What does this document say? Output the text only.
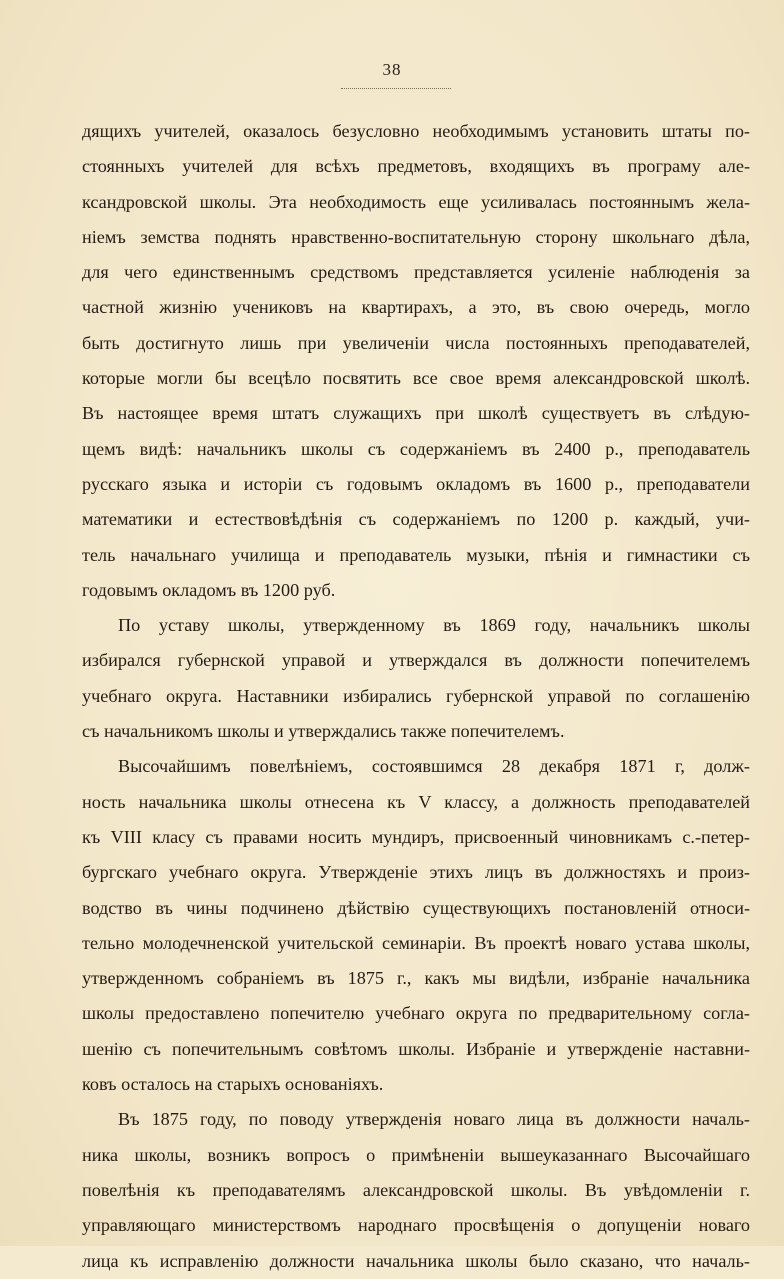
38
дящихъ учителей, оказалось безусловно необходимымъ установить штаты по-
стоянныхъ учителей для всѣхъ предметовъ, входящихъ въ програму але-
ксандровской школы. Эта необходимость еще усиливалась постояннымъ жела-
ніемъ земства поднять нравственно-воспитательную сторону школьнаго дѣла,
для чего единственнымъ средствомъ представляется усиленіе наблюденія за
частной жизнію учениковъ на квартирахъ, а это, въ свою очередь, могло
быть достигнуто лишь при увеличеніи числа постоянныхъ преподавателей,
которые могли бы всецѣло посвятить все свое время александровской школѣ.
Въ настоящее время штатъ служащихъ при школѣ существуетъ въ слѣдую-
щемъ видѣ: начальникъ школы съ содержаніемъ въ 2400 р., преподаватель
русскаго языка и исторіи съ годовымъ окладомъ въ 1600 р., преподаватели
математики и естествовѣдѣнія съ содержаніемъ по 1200 р. каждый, учи-
тель начальнаго училища и преподаватель музыки, пѣнія и гимнастики съ
годовымъ окладомъ въ 1200 руб.
По уставу школы, утвержденному въ 1869 году, начальникъ школы
избирался губернской управой и утверждался въ должности попечителемъ
учебнаго округа. Наставники избирались губернской управой по соглашенію
съ начальникомъ школы и утверждались также попечителемъ.
Высочайшимъ повелѣніемъ, состоявшимся 28 декабря 1871 г, долж-
ность начальника школы отнесена къ V классу, а должность преподавателей
къ VIII класу съ правами носить мундиръ, присвоенный чиновникамъ с.-петер-
бургскаго учебнаго округа. Утвержденіе этихъ лицъ въ должностяхъ и произ-
водство въ чины подчинено дѣйствію существующихъ постановленій относи-
тельно молодечненской учительской семинаріи. Въ проектѣ новаго устава школы,
утвержденномъ собраніемъ въ 1875 г., какъ мы видѣли, избраніе начальника
школы предоставлено попечителю учебнаго округа по предварительному согла-
шенію съ попечительнымъ совѣтомъ школы. Избраніе и утвержденіе наставни-
ковъ осталось на старыхъ основаніяхъ.
Въ 1875 году, по поводу утвержденія новаго лица въ должности началь-
ника школы, возникъ вопросъ о примѣненіи вышеуказаннаго Высочайшаго
повелѣнія къ преподавателямъ александровской школы. Въ увѣдомленіи г.
управляющаго министерствомъ народнаго просвѣщенія о допущеніи новаго
лица къ исправленію должности начальника школы было сказано, что началь-
